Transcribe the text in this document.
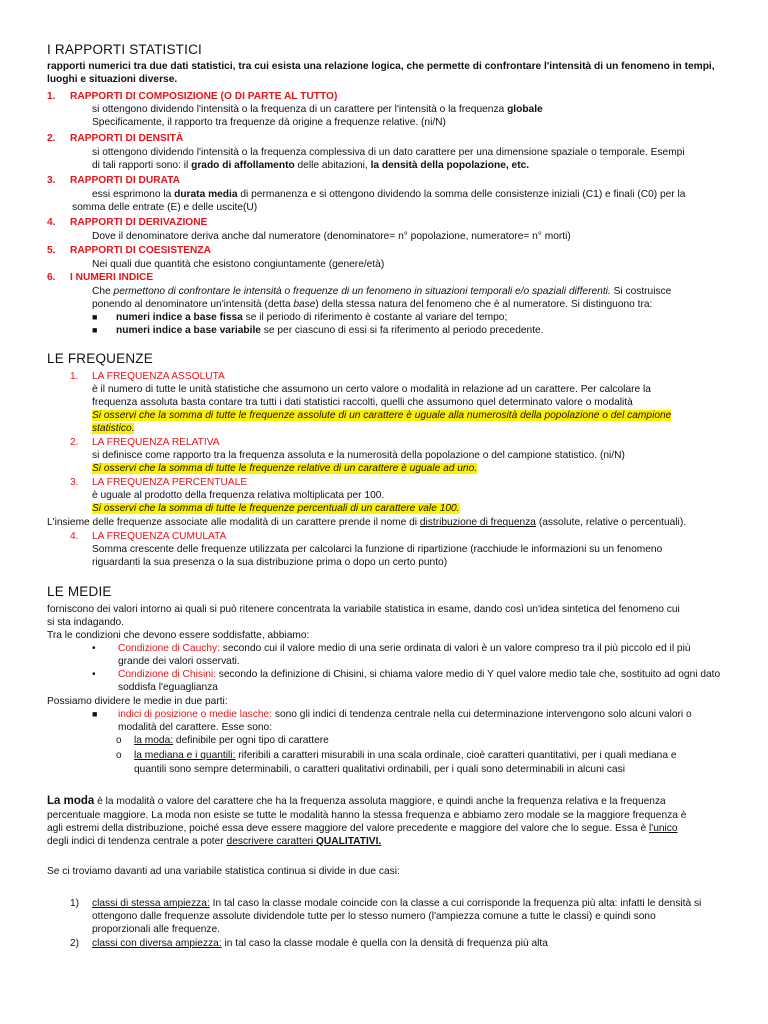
I RAPPORTI STATISTICI
rapporti numerici tra due dati statistici, tra cui esista una relazione logica, che permette di confrontare l'intensità di un fenomeno in tempi,
luoghi e situazioni diverse.
1. RAPPORTI DI COMPOSIZIONE (O DI PARTE AL TUTTO)
si ottengono dividendo l'intensità o la frequenza di un carattere per l'intensità o la frequenza globale
Specificamente, il rapporto tra frequenze dà origine a frequenze relative. (ni/N)
2. RAPPORTI DI DENSITÀ
si ottengono dividendo l'intensità o la frequenza complessiva di un dato carattere per una dimensione spaziale o temporale. Esempi
di tali rapporti sono: il grado di affollamento delle abitazioni, la densità della popolazione, etc.
3. RAPPORTI DI DURATA
essi esprimono la durata media di permanenza e si ottengono dividendo la somma delle consistenze iniziali (C1) e finali (C0) per la
somma delle entrate (E) e delle uscite(U)
4. RAPPORTI DI DERIVAZIONE
Dove il denominatore deriva anche dal numeratore (denominatore= n° popolazione, numeratore= n° morti)
5. RAPPORTI DI COESISTENZA
Nei quali due quantità che esistono congiuntamente (genere/età)
6. I NUMERI INDICE
Che permettono di confrontare le intensità o frequenze di un fenomeno in situazioni temporali e/o spaziali differenti. Si costruisce
ponendo al denominatore un'intensità (detta base) della stessa natura del fenomeno che è al numeratore. Si distinguono tra:
■ numeri indice a base fissa se il periodo di riferimento è costante al variare del tempo;
■ numeri indice a base variabile se per ciascuno di essi si fa riferimento al periodo precedente.
LE FREQUENZE
1. LA FREQUENZA ASSOLUTA
è il numero di tutte le unità statistiche che assumono un certo valore o modalità in relazione ad un carattere. Per calcolare la
frequenza assoluta basta contare tra tutti i dati statistici raccolti, quelli che assumono quel determinato valore o modalità
Si osservi che la somma di tutte le frequenze assolute di un carattere è uguale alla numerosità della popolazione o del campione
statistico.
2. LA FREQUENZA RELATIVA
si definisce come rapporto tra la frequenza assoluta e la numerosità della popolazione o del campione statistico. (ni/N)
Si osservi che la somma di tutte le frequenze relative di un carattere è uguale ad uno.
3. LA FREQUENZA PERCENTUALE
è uguale al prodotto della frequenza relativa moltiplicata per 100.
Si osservi che la somma di tutte le frequenze percentuali di un carattere vale 100.
L'insieme delle frequenze associate alle modalità di un carattere prende il nome di distribuzione di frequenza (assolute, relative o percentuali).
4. LA FREQUENZA CUMULATA
Somma crescente delle frequenze utilizzata per calcolarci la funzione di ripartizione (racchiude le informazioni su un fenomeno
riguardanti la sua presenza o la sua distribuzione prima o dopo un certo punto)
LE MEDIE
forniscono dei valori intorno ai quali si può ritenere concentrata la variabile statistica in esame, dando così un'idea sintetica del fenomeno cui
si sta indagando.
Tra le condizioni che devono essere soddisfatte, abbiamo:
• Condizione di Cauchy: secondo cui il valore medio di una serie ordinata di valori è un valore compreso tra il più piccolo ed il più
grande dei valori osservati.
• Condizione di Chisini: secondo la definizione di Chisini, si chiama valore medio di Y quel valore medio tale che, sostituito ad ogni dato
soddisfa l'eguaglianza
Possiamo dividere le medie in due parti:
■ indici di posizione o medie lasche: sono gli indici di tendenza centrale nella cui determinazione intervengono solo alcuni valori o
modalità del carattere. Esse sono:
o la moda: definibile per ogni tipo di carattere
o la mediana e i quantili: riferibili a caratteri misurabili in una scala ordinale, cioè caratteri quantitativi, per i quali mediana e
quantili sono sempre determinabili, o caratteri qualitativi ordinabili, per i quali sono determinabili in alcuni casi
La moda è la modalità o valore del carattere che ha la frequenza assoluta maggiore, e quindi anche la frequenza relativa e la frequenza
percentuale maggiore. La moda non esiste se tutte le modalità hanno la stessa frequenza e abbiamo zero modale se la maggiore frequenza è
agli estremi della distribuzione, poiché essa deve essere maggiore del valore precedente e maggiore del valore che lo segue. Essa è l'unico
degli indici di tendenza centrale a poter descrivere caratteri QUALITATIVI.
Se ci troviamo davanti ad una variabile statistica continua si divide in due casi:
1) classi di stessa ampiezza: In tal caso la classe modale coincide con la classe a cui corrisponde la frequenza più alta: infatti le densità si
ottengono dalle frequenze assolute dividendole tutte per lo stesso numero (l'ampiezza comune a tutte le classi) e quindi sono
proporzionali alle frequenze.
2) classi con diversa ampiezza: in tal caso la classe modale è quella con la densità di frequenza più alta
